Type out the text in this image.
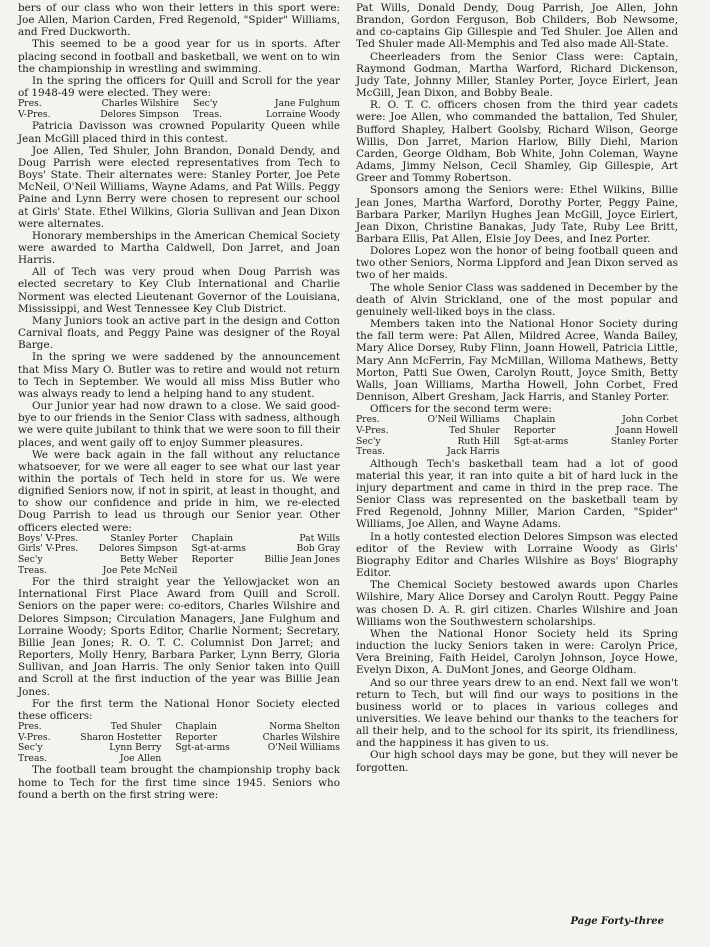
bers of our class who won their letters in this sport were: Joe Allen, Marion Carden, Fred Regenold, "Spider" Williams, and Fred Duckworth.

This seemed to be a good year for us in sports. After placing second in football and basketball, we went on to win the championship in wrestling and swimming.

In the spring the officers for Quill and Scroll for the year of 1948-49 were elected. They were:

Pres.	Charles Wilshire	Sec'y	Jane Fulghum
V-Pres.	Delores Simpson	Treas.	Lorraine Woody

Patricia Davisson was crowned Popularity Queen while Jean McGill placed third in this contest.

Joe Allen, Ted Shuler, John Brandon, Donald Dendy, and Doug Parrish were elected representatives from Tech to Boys' State. Their alternates were: Stanley Porter, Joe Pete McNeil, O'Neil Williams, Wayne Adams, and Pat Wills. Peggy Paine and Lynn Berry were chosen to represent our school at Girls' State. Ethel Wilkins, Gloria Sullivan and Jean Dixon were alternates.

Honorary memberships in the American Chemical Society were awarded to Martha Caldwell, Don Jarret, and Joan Harris.

All of Tech was very proud when Doug Parrish was elected secretary to Key Club International and Charlie Norment was elected Lieutenant Governor of the Louisiana, Mississippi, and West Tennessee Key Club District.

Many Juniors took an active part in the design and Cotton Carnival floats, and Peggy Paine was designer of the Royal Barge.

In the spring we were saddened by the announcement that Miss Mary O. Butler was to retire and would not return to Tech in September. We would all miss Miss Butler who was always ready to lend a helping hand to any student.

Our Junior year had now drawn to a close. We said good-bye to our friends in the Senior Class with sadness, although we were quite jubilant to think that we were soon to fill their places, and went gaily off to enjoy Summer pleasures.

We were back again in the fall without any reluctance whatsoever, for we were all eager to see what our last year within the portals of Tech held in store for us. We were dignified Seniors now, if not in spirit, at least in thought, and to show our confidence and pride in him, we re-elected Doug Parrish to lead us through our Senior year. Other officers elected were:

Boys' V-Pres.	Stanley Porter	Chaplain	Pat Wills
Girls' V-Pres.	Delores Simpson	Sgt-at-arms	Bob Gray
Sec'y	Betty Weber	Reporter	Billie Jean Jones
Treas.	Joe Pete McNeil		

For the third straight year the Yellowjacket won an International First Place Award from Quill and Scroll. Seniors on the paper were: co-editors, Charles Wilshire and Delores Simpson; Circulation Managers, Jane Fulghum and Lorraine Woody; Sports Editor, Charlie Norment; Secretary, Billie Jean Jones; R. O. T. C. Columnist Don Jarret; and Reporters, Molly Henry, Barbara Parker, Lynn Berry, Gloria Sullivan, and Joan Harris. The only Senior taken into Quill and Scroll at the first induction of the year was Billie Jean Jones.

For the first term the National Honor Society elected these officers:

Pres.	Ted Shuler	Chaplain	Norma Shelton
V-Pres.	Sharon Hostetter	Reporter	Charles Wilshire
Sec'y	Lynn Berry	Sgt-at-arms	O'Neil Williams
Treas.	Joe Allen		

The football team brought the championship trophy back home to Tech for the first time since 1945. Seniors who found a berth on the first string were:

Pat Wills, Donald Dendy, Doug Parrish, Joe Allen, John Brandon, Gordon Ferguson, Bob Childers, Bob Newsome, and co-captains Gip Gillespie and Ted Shuler. Joe Allen and Ted Shuler made All-Memphis and Ted also made All-State.

Cheerleaders from the Senior Class were: Captain, Raymond Godman, Martha Warford, Richard Dickenson, Judy Tate, Johnny Miller, Stanley Porter, Joyce Eirlert, Jean McGill, Jean Dixon, and Bobby Beale.

R. O. T. C. officers chosen from the third year cadets were: Joe Allen, who commanded the battalion, Ted Shuler, Bufford Shapley, Halbert Goolsby, Richard Wilson, George Willis, Don Jarret, Marion Harlow, Billy Diehl, Marion Carden, George Oldham, Bob White, John Coleman, Wayne Adams, Jimmy Nelson, Cecil Shamley, Gip Gillespie, Art Greer and Tommy Robertson.

Sponsors among the Seniors were: Ethel Wilkins, Billie Jean Jones, Martha Warford, Dorothy Porter, Peggy Paine, Barbara Parker, Marilyn Hughes Jean McGill, Joyce Eirlert, Jean Dixon, Christine Banakas, Judy Tate, Ruby Lee Britt, Barbara Ellis, Pat Allen, Elsie Joy Dees, and Inez Porter.

Dolores Lopez won the honor of being football queen and two other Seniors, Norma Lippford and Jean Dixon served as two of her maids.

The whole Senior Class was saddened in December by the death of Alvin Strickland, one of the most popular and genuinely well-liked boys in the class.

Members taken into the National Honor Society during the fall term were: Pat Allen, Mildred Acree, Wanda Bailey, Mary Alice Dorsey, Ruby Flinn, Joann Howell, Patricia Little, Mary Ann McFerrin, Fay McMillan, Willoma Mathews, Betty Morton, Patti Sue Owen, Carolyn Routt, Joyce Smith, Betty Walls, Joan Williams, Martha Howell, John Corbet, Fred Dennison, Albert Gresham, Jack Harris, and Stanley Porter.

Officers for the second term were:

Pres.	O'Neil Williams	Chaplain	John Corbet
V-Pres.	Ted Shuler	Reporter	Joann Howell
Sec'y	Ruth Hill	Sgt-at-arms	Stanley Porter
Treas.	Jack Harris		

Although Tech's basketball team had a lot of good material this year, it ran into quite a bit of hard luck in the injury department and came in third in the prep race. The Senior Class was represented on the basketball team by Fred Regenold, Johnny Miller, Marion Carden, "Spider" Williams, Joe Allen, and Wayne Adams.

In a hotly contested election Delores Simpson was elected editor of the Review with Lorraine Woody as Girls' Biography Editor and Charles Wilshire as Boys' Biography Editor.

The Chemical Society bestowed awards upon Charles Wilshire, Mary Alice Dorsey and Carolyn Routt. Peggy Paine was chosen D. A. R. girl citizen. Charles Wilshire and Joan Williams won the Southwestern scholarships.

When the National Honor Society held its Spring induction the lucky Seniors taken in were: Carolyn Price, Vera Breining, Faith Heidel, Carolyn Johnson, Joyce Howe, Evelyn Dixon, A. DuMont Jones, and George Oldham.

And so our three years drew to an end. Next fall we won't return to Tech, but will find our ways to positions in the business world or to places in various colleges and universities. We leave behind our thanks to the teachers for all their help, and to the school for its spirit, its friendliness, and the happiness it has given to us.

Our high school days may be gone, but they will never be forgotten.

Page Forty-three
